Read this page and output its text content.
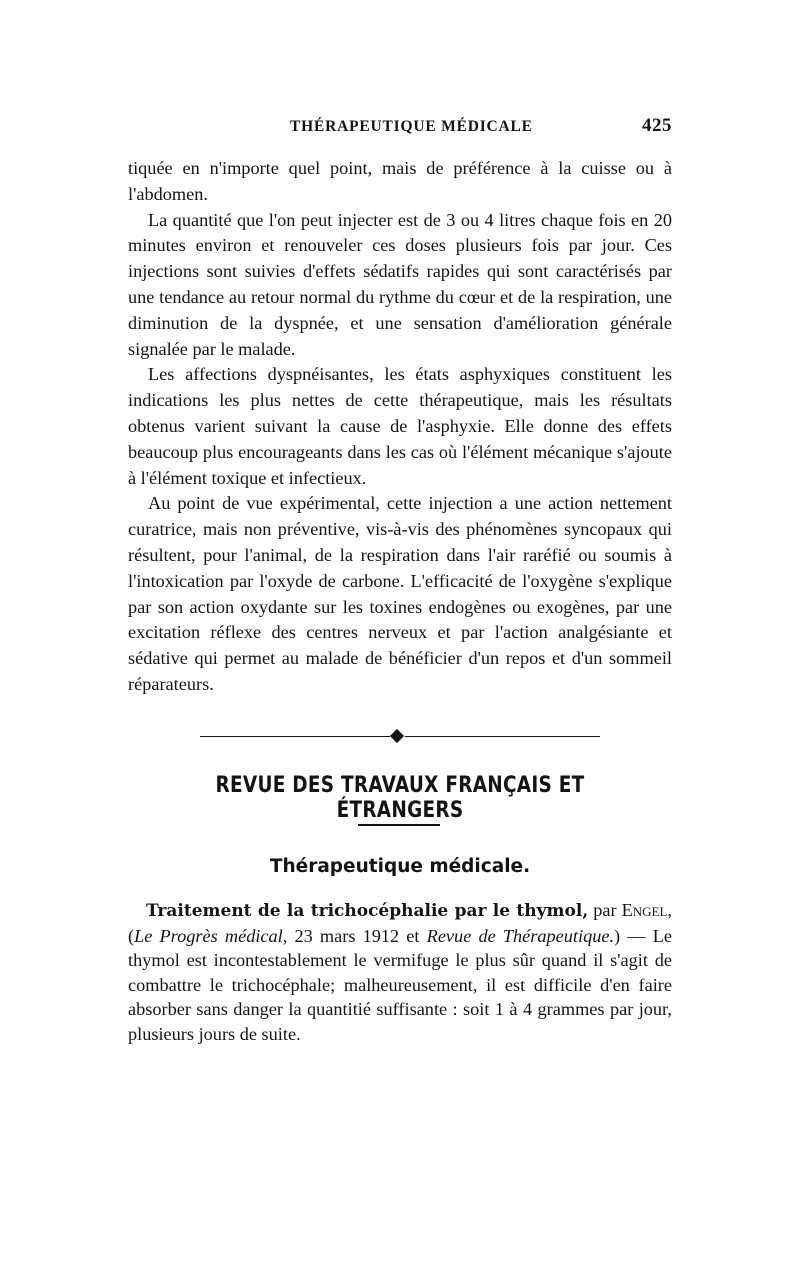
THÉRAPEUTIQUE MÉDICALE	425

tiquée en n'importe quel point, mais de préférence à la cuisse ou à l'abdomen.

La quantité que l'on peut injecter est de 3 ou 4 litres chaque fois en 20 minutes environ et renouveler ces doses plusieurs fois par jour. Ces injections sont suivies d'effets sédatifs rapides qui sont caractérisés par une tendance au retour normal du rythme du cœur et de la respiration, une diminution de la dyspnée, et une sensation d'amélioration générale signalée par le malade.

Les affections dyspnéisantes, les états asphyxiques constituent les indications les plus nettes de cette thérapeutique, mais les résultats obtenus varient suivant la cause de l'asphyxie. Elle donne des effets beaucoup plus encourageants dans les cas où l'élément mécanique s'ajoute à l'élément toxique et infectieux.

Au point de vue expérimental, cette injection a une action nettement curatrice, mais non préventive, vis-à-vis des phénomènes syncopaux qui résultent, pour l'animal, de la respiration dans l'air raréfié ou soumis à l'intoxication par l'oxyde de carbone. L'efficacité de l'oxygène s'explique par son action oxydante sur les toxines endogènes ou exogènes, par une excitation réflexe des centres nerveux et par l'action analgésiante et sédative qui permet au malade de bénéficier d'un repos et d'un sommeil réparateurs.

REVUE DES TRAVAUX FRANÇAIS ET ÉTRANGERS
Thérapeutique médicale.

Traitement de la trichocéphalie par le thymol, par Engel, (Le Progrès médical, 23 mars 1912 et Revue de Thérapeutique.) — Le thymol est incontestablement le vermifuge le plus sûr quand il s'agit de combattre le trichocéphale; malheureusement, il est difficile d'en faire absorber sans danger la quantitié suffisante : soit 1 à 4 grammes par jour, plusieurs jours de suite.
